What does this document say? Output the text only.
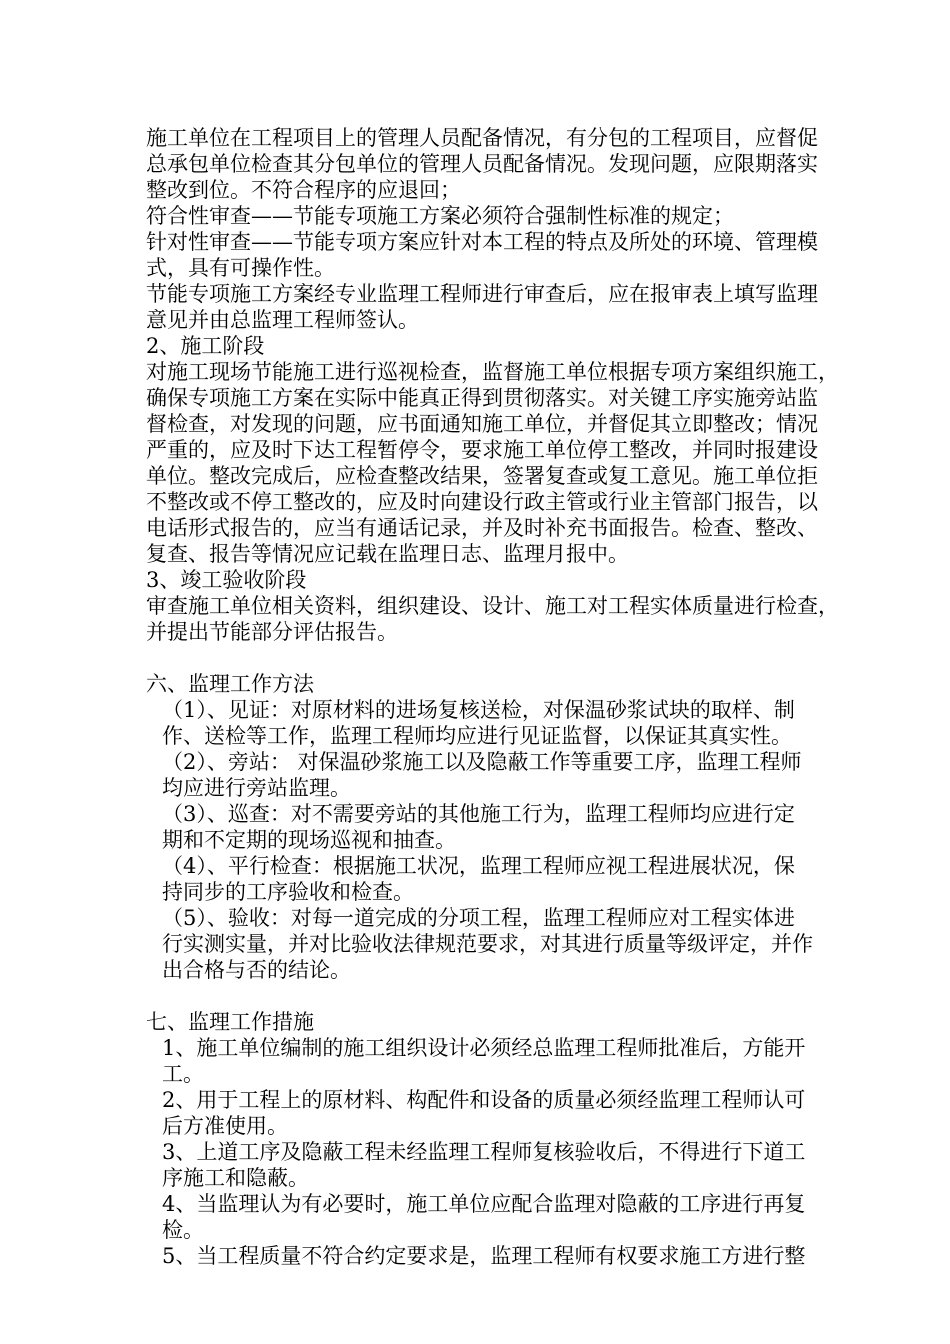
施工单位在工程项目上的管理人员配备情况，有分包的工程项目，应督促
总承包单位检查其分包单位的管理人员配备情况。发现问题，应限期落实
整改到位。不符合程序的应退回；
符合性审查——节能专项施工方案必须符合强制性标准的规定；
针对性审查——节能专项方案应针对本工程的特点及所处的环境、管理模
式，具有可操作性。
节能专项施工方案经专业监理工程师进行审查后，应在报审表上填写监理
意见并由总监理工程师签认。
2、施工阶段
对施工现场节能施工进行巡视检查，监督施工单位根据专项方案组织施工，
确保专项施工方案在实际中能真正得到贯彻落实。对关键工序实施旁站监
督检查，对发现的问题，应书面通知施工单位，并督促其立即整改；情况
严重的，应及时下达工程暂停令，要求施工单位停工整改，并同时报建设
单位。整改完成后，应检查整改结果，签署复查或复工意见。施工单位拒
不整改或不停工整改的，应及时向建设行政主管或行业主管部门报告，以
电话形式报告的，应当有通话记录，并及时补充书面报告。检查、整改、
复查、报告等情况应记载在监理日志、监理月报中。
3、竣工验收阶段
审查施工单位相关资料，组织建设、设计、施工对工程实体质量进行检查，
并提出节能部分评估报告。
六、监理工作方法
（1）、见证：对原材料的进场复核送检，对保温砂浆试块的取样、制
作、送检等工作，监理工程师均应进行见证监督，以保证其真实性。
（2）、旁站： 对保温砂浆施工以及隐蔽工作等重要工序，监理工程师
均应进行旁站监理。
（3）、巡查：对不需要旁站的其他施工行为，监理工程师均应进行定
期和不定期的现场巡视和抽查。
（4）、平行检查：根据施工状况，监理工程师应视工程进展状况，保
持同步的工序验收和检查。
（5）、验收：对每一道完成的分项工程，监理工程师应对工程实体进
行实测实量，并对比验收法律规范要求，对其进行质量等级评定，并作
出合格与否的结论。
七、监理工作措施
1、施工单位编制的施工组织设计必须经总监理工程师批准后，方能开
工。
2、用于工程上的原材料、构配件和设备的质量必须经监理工程师认可
后方准使用。
3、上道工序及隐蔽工程未经监理工程师复核验收后，不得进行下道工
序施工和隐蔽。
4、当监理认为有必要时，施工单位应配合监理对隐蔽的工序进行再复
检。
5、当工程质量不符合约定要求是，监理工程师有权要求施工方进行整
